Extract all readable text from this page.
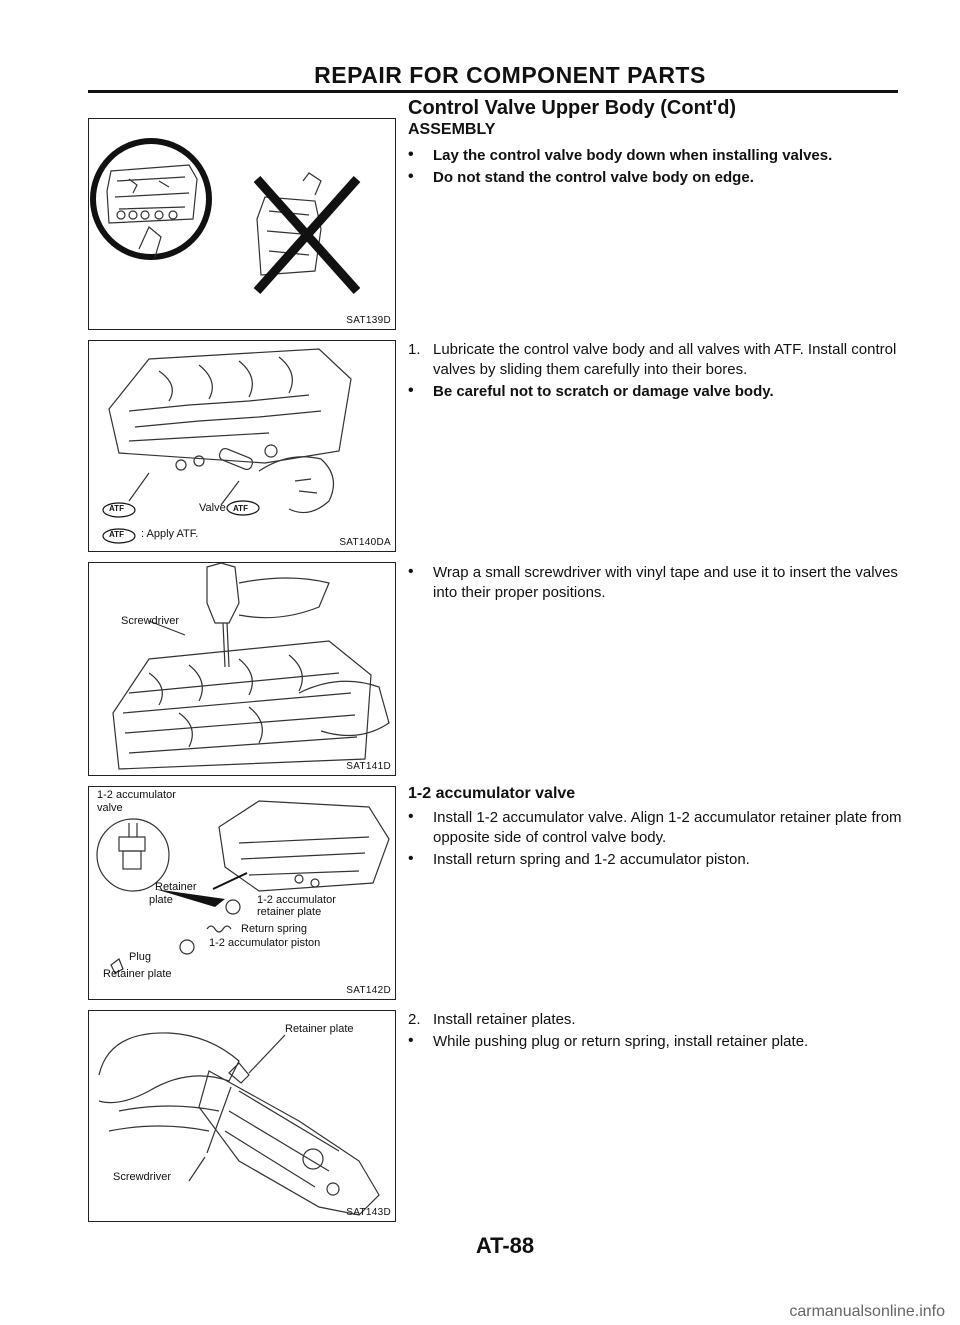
REPAIR FOR COMPONENT PARTS
SAT139D
ATF	Valve ATF
ATF : Apply ATF.
SAT140DA
Screwdriver
SAT141D
1-2 accumulator
valve
Retainer
plate	1-2 accumulator
retainer plate
Return spring
1-2 accumulator piston
Plug
Retainer plate
SAT142D
Retainer plate
Screwdriver
SAT143D

Control Valve Upper Body (Cont'd)

ASSEMBLY

• Lay the control valve body down when installing valves.

• Do not stand the control valve body on edge.

1. Lubricate the control valve body and all valves with ATF. Install control valves by sliding them carefully into their bores.

• Be careful not to scratch or damage valve body.

• Wrap a small screwdriver with vinyl tape and use it to insert the valves into their proper positions.

1-2 accumulator valve

• Install 1-2 accumulator valve. Align 1-2 accumulator retainer plate from opposite side of control valve body.

• Install return spring and 1-2 accumulator piston.

2. Install retainer plates.

• While pushing plug or return spring, install retainer plate.

AT-88
carmanualsonline.info
